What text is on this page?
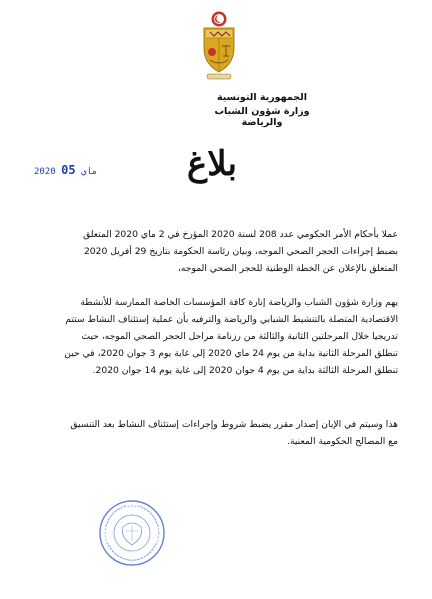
الجمهورية التونسية
وزارة شؤون الشباب والرياضة
2020	ماي 05	بلاغ
عملا بأحكام الأمر الحكومي عدد 208 لسنة 2020 المؤرخ في 2 ماي 2020 المتعلق
بضبط إجراءات الحجر الصحي الموجه، وبيان رئاسة الحكومة بتاريخ 29 أفريل 2020
المتعلق بالإعلان عن الخطة الوطنية للحجر الصحي الموجه،
يهم وزارة شؤون الشباب والرياضة إنارة كافة المؤسسات الخاصة الممارسة للأنشطة
الاقتصادية المتصلة بالتنشيط الشبابي والرياضة والترفيه بأن عملية إستئناف النشاط ستتم
تدريجيا خلال المرحلتين الثانية والثالثة من رزنامة مراحل الحجر الصحي الموجه، حيث
تنطلق المرحلة الثانية بداية من يوم 24 ماي 2020 إلى غاية يوم 3 جوان 2020، في حين
تنطلق المرحلة الثالثة بداية من يوم 4 جوان 2020 إلى غاية يوم 14 جوان 2020.
هذا وسيتم في الإبان إصدار مقرر يضبط شروط وإجراءات إستئناف النشاط بعد التنسيق
مع المصالح الحكومية المعنية.
